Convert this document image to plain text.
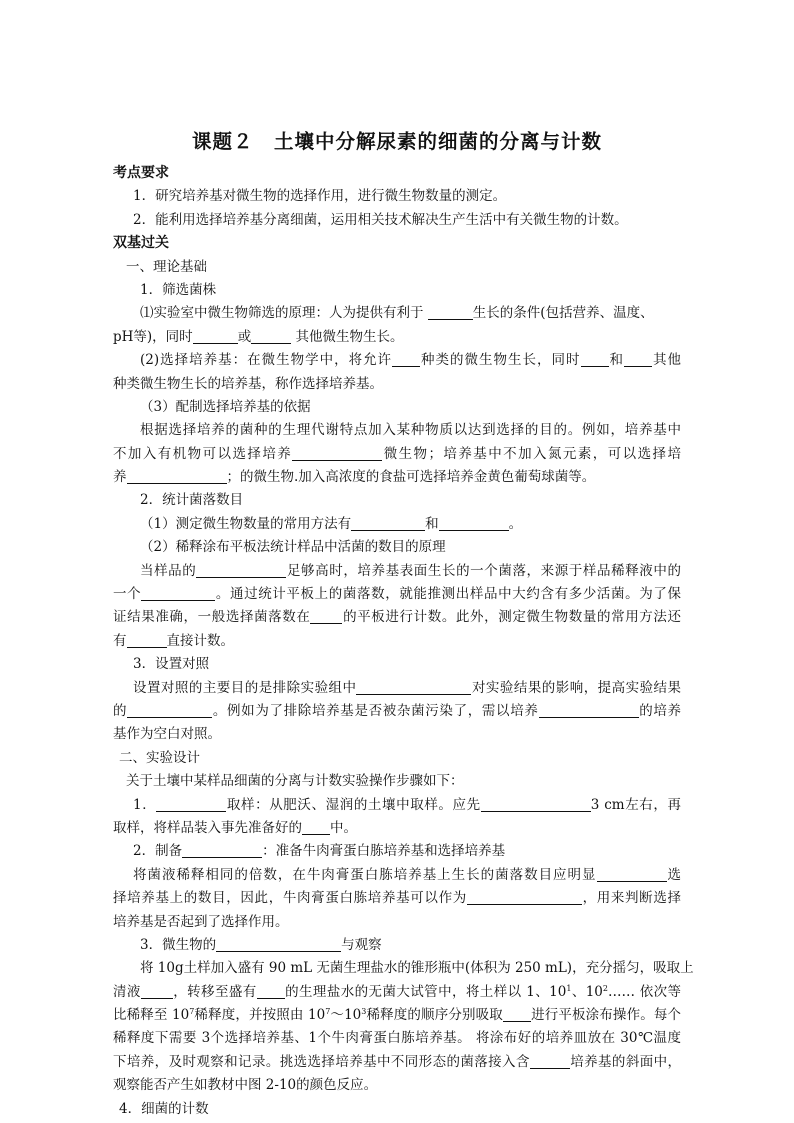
课题２　土壤中分解尿素的细菌的分离与计数
考点要求
1．研究培养基对微生物的选择作用，进行微生物数量的测定。
2．能利用选择培养基分离细菌，运用相关技术解决生产生活中有关微生物的计数。
双基过关
一、理论基础
1．筛选菌株
⑴实验室中微生物筛选的原理：人为提供有利于	生长的条件(包括营养、温度、
pH等)，同时	或	其他微生物生长。
(2)选择培养基：在微生物学中，将允许 种类的微生物生长，同时 和 其他
种类微生物生长的培养基，称作选择培养基。
（3）配制选择培养基的依据
根据选择培养的菌种的生理代谢特点加入某种物质以达到选择的目的。例如，培养基中
不加入有机物可以选择培养	微生物；培养基中不加入氮元素，可以选择培
养	；的微生物.加入高浓度的食盐可选择培养金黄色葡萄球菌等。
2．统计菌落数目
（1）测定微生物数量的常用方法有	和	。
（2）稀释涂布平板法统计样品中活菌的数目的原理
当样品的	足够高时，培养基表面生长的一个菌落，来源于样品稀释液中的
一个	。通过统计平板上的菌落数，就能推测出样品中大约含有多少活菌。为了保
证结果准确，一般选择菌落数在 的平板进行计数。此外，测定微生物数量的常用方法还
有	直接计数。
3．设置对照
设置对照的主要目的是排除实验组中	对实验结果的影响，提高实验结果
的	。例如为了排除培养基是否被杂菌污染了，需以培养	的培养
基作为空白对照。
二、实验设计
关于土壤中某样品细菌的分离与计数实验操作步骤如下：
1．	取样：从肥沃、湿润的土壤中取样。应先	3 cm左右，再
取样，将样品装入事先准备好的 中。
2．制备	：准备牛肉膏蛋白胨培养基和选择培养基
将菌液稀释相同的倍数，在牛肉膏蛋白胨培养基上生长的菌落数目应明显	选
择培养基上的数目，因此，牛肉膏蛋白胨培养基可以作为	，用来判断选择
培养基是否起到了选择作用。
3．微生物的	与观察
将 10g土样加入盛有 90 mL 无菌生理盐水的锥形瓶中(体积为 250 mL)，充分摇匀，吸取上
清液 ，转移至盛有 的生理盐水的无菌大试管中，将土样以 1、$10^1$、$10^2\dots\dots$ 依次等
比稀释至 $10^7$稀释度，并按照由 $10^7\sim 10^3$稀释度的顺序分别吸取 进行平板涂布操作。每个
稀释度下需要 3个选择培养基、1个牛肉膏蛋白胨培养基。 将涂布好的培养皿放在 30℃温度
下培养，及时观察和记录。挑选选择培养基中不同形态的菌落接入含	培养基的斜面中，
观察能否产生如教材中图 2-10的颜色反应。
4．细菌的计数
